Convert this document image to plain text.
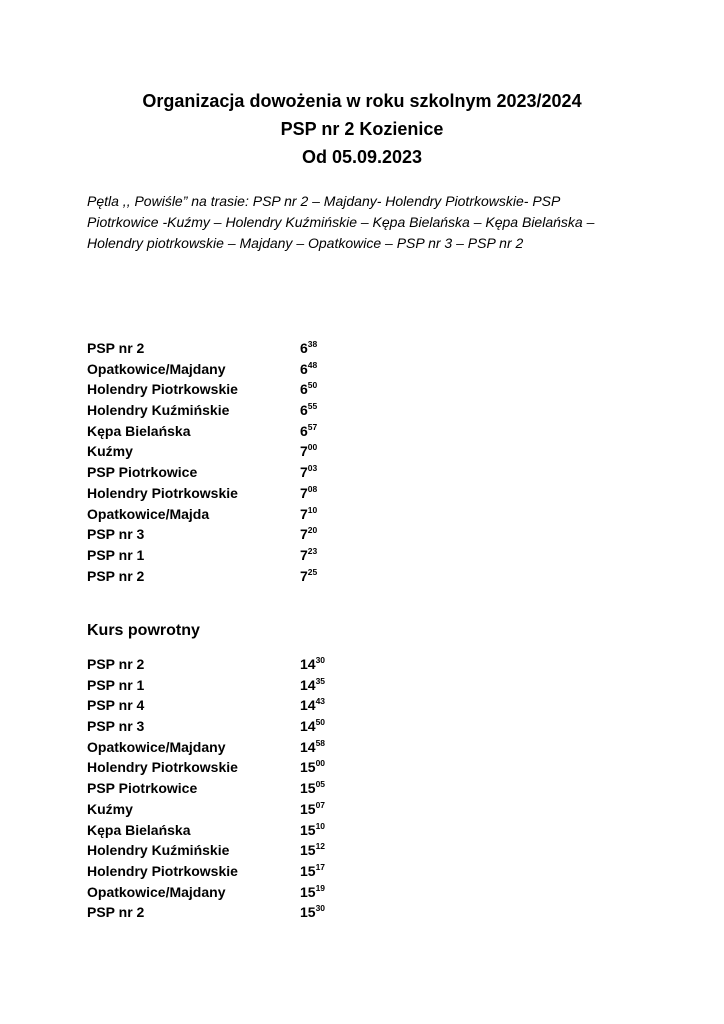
Organizacja dowożenia w roku szkolnym 2023/2024
PSP nr 2 Kozienice
Od 05.09.2023
Pętla ,, Powiśle” na trasie: PSP nr 2 – Majdany- Holendry Piotrkowskie- PSP
Piotrkowice -Kuźmy – Holendry Kuźmińskie – Kępa Bielańska – Kępa Bielańska –
Holendry piotrkowskie – Majdany – Opatkowice – PSP nr 3 – PSP nr 2
PSP nr 2	$6^{38}$
Opatkowice/Majdany	$6^{48}$
Holendry Piotrkowskie	$6^{50}$
Holendry Kuźmińskie	$6^{55}$
Kępa Bielańska	$6^{57}$
Kuźmy	$7^{00}$
PSP Piotrkowice	$7^{03}$
Holendry Piotrkowskie	$7^{08}$
Opatkowice/Majda	$7^{10}$
PSP nr 3	$7^{20}$
PSP nr 1	$7^{23}$
PSP nr 2	$7^{25}$
Kurs powrotny
PSP nr 2	$14^{30}$
PSP nr 1	$14^{35}$
PSP nr 4	$14^{43}$
PSP nr 3	$14^{50}$
Opatkowice/Majdany	$14^{58}$
Holendry Piotrkowskie	$15^{00}$
PSP Piotrkowice	$15^{05}$
Kuźmy	$15^{07}$
Kępa Bielańska	$15^{10}$
Holendry Kuźmińskie	$15^{12}$
Holendry Piotrkowskie	$15^{17}$
Opatkowice/Majdany	$15^{19}$
PSP nr 2	$15^{30}$
